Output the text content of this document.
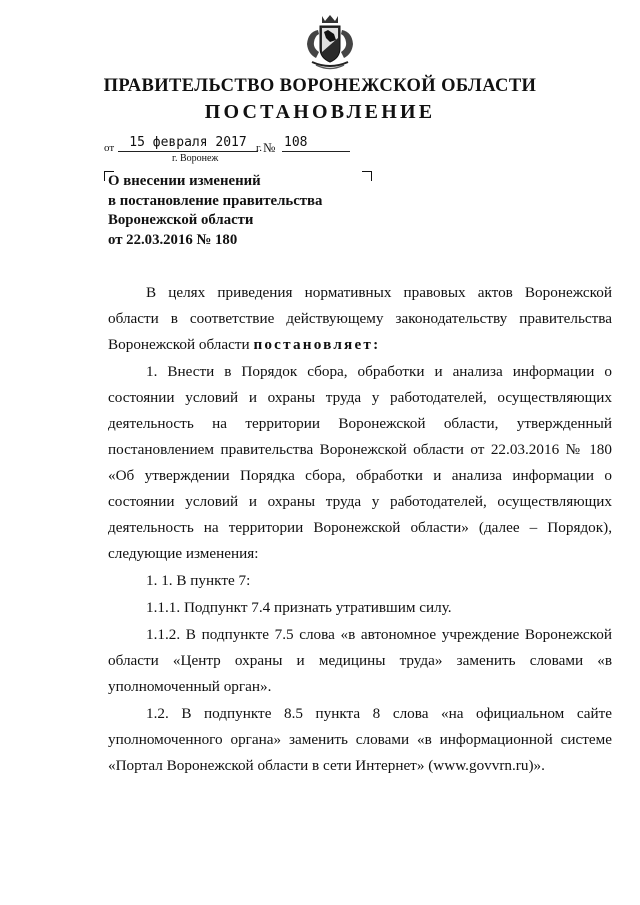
ПРАВИТЕЛЬСТВО ВОРОНЕЖСКОЙ ОБЛАСТИ
ПОСТАНОВЛЕНИЕ
от	15 февраля 2017 г. № 108
г. Воронеж
О внесении изменений
в постановление правительства
Воронежской области
от 22.03.2016 № 180

В целях приведения нормативных правовых актов Воронежской области в соответствие действующему законодательству правительства Воронежской области постановляет:

1. Внести в Порядок сбора, обработки и анализа информации о состоянии условий и охраны труда у работодателей, осуществляющих деятельность на территории Воронежской области, утвержденный постановлением правительства Воронежской области от 22.03.2016 № 180 «Об утверждении Порядка сбора, обработки и анализа информации о состоянии условий и охраны труда у работодателей, осуществляющих деятельность на территории Воронежской области» (далее – Порядок), следующие изменения:

1. 1. В пункте 7:

1.1.1. Подпункт 7.4 признать утратившим силу.

1.1.2. В подпункте 7.5 слова «в автономное учреждение Воронежской области «Центр охраны и медицины труда» заменить словами «в уполномоченный орган».

1.2. В подпункте 8.5 пункта 8 слова «на официальном сайте уполномоченного органа» заменить словами «в информационной системе «Портал Воронежской области в сети Интернет» (www.govvrn.ru)».
